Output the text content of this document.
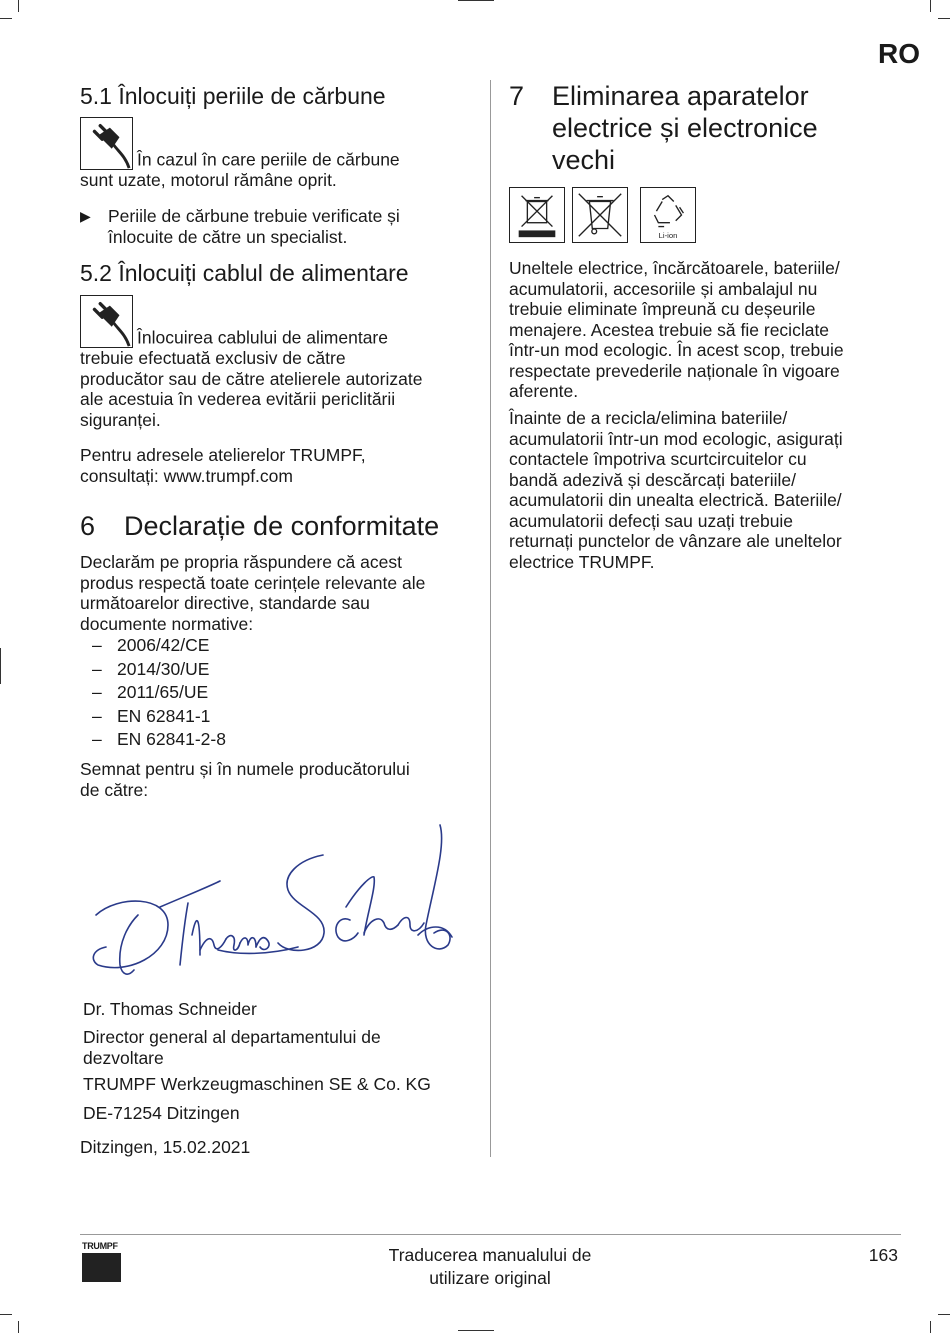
RO
5.1 Înlocuiți periile de cărbune
În cazul în care periile de cărbune
sunt uzate, motorul rămâne oprit.
▶ Periile de cărbune trebuie verificate și
înlocuite de către un specialist.
5.2 Înlocuiți cablul de alimentare
Înlocuirea cablului de alimentare
trebuie efectuată exclusiv de către
producător sau de către atelierele autorizate
ale acestuia în vederea evitării periclitării
siguranței.
Pentru adresele atelierelor TRUMPF,
consultați: www.trumpf.com
6 Declarație de conformitate
Declarăm pe propria răspundere că acest
produs respectă toate cerințele relevante ale
următoarelor directive, standarde sau
documente normative:
– 2006/42/CE
– 2014/30/UE
– 2011/65/UE
– EN 62841-1
– EN 62841-2-8
Semnat pentru și în numele producătorului
de către:
Dr. Thomas Schneider
Director general al departamentului de
dezvoltare
TRUMPF Werkzeugmaschinen SE & Co. KG
DE-71254 Ditzingen
Ditzingen, 15.02.2021
7	Eliminarea aparatelor
electrice și electronice
vechi
Li-ion
Uneltele electrice, încărcătoarele, bateriile/
acumulatorii, accesoriile și ambalajul nu
trebuie eliminate împreună cu deșeurile
menajere. Acestea trebuie să fie reciclate
într-un mod ecologic. În acest scop, trebuie
respectate prevederile naționale în vigoare
aferente.
Înainte de a recicla/elimina bateriile/
acumulatorii într-un mod ecologic, asigurați
contactele împotriva scurtcircuitelor cu
bandă adezivă și descărcați bateriile/
acumulatorii din unealta electrică. Bateriile/
acumulatorii defecți sau uzați trebuie
returnați punctelor de vânzare ale uneltelor
electrice TRUMPF.
TRUMPF	Traducerea manualului de
utilizare original
163
